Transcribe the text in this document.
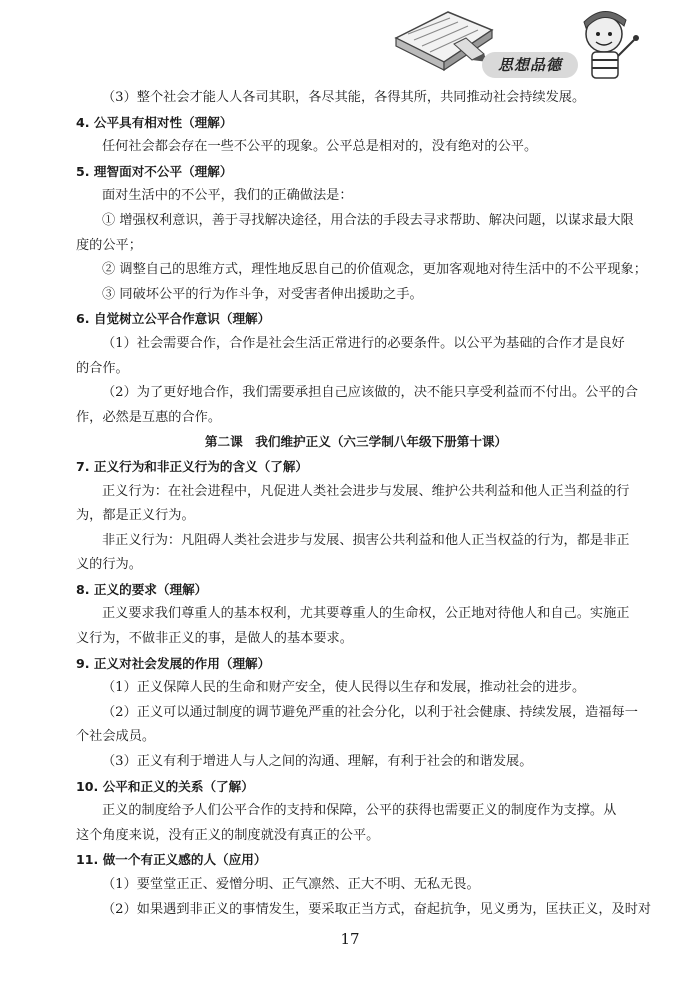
思想品德
（3）整个社会才能人人各司其职，各尽其能，各得其所，共同推动社会持续发展。
4. 公平具有相对性（理解）
任何社会都会存在一些不公平的现象。公平总是相对的，没有绝对的公平。
5. 理智面对不公平（理解）
面对生活中的不公平，我们的正确做法是：
① 增强权利意识，善于寻找解决途径，用合法的手段去寻求帮助、解决问题，以谋求最大限
度的公平；
② 调整自己的思维方式，理性地反思自己的价值观念，更加客观地对待生活中的不公平现象；
③ 同破坏公平的行为作斗争，对受害者伸出援助之手。
6. 自觉树立公平合作意识（理解）
（1）社会需要合作，合作是社会生活正常进行的必要条件。以公平为基础的合作才是良好
的合作。
（2）为了更好地合作，我们需要承担自己应该做的，决不能只享受利益而不付出。公平的合
作，必然是互惠的合作。
第二课　我们维护正义（六三学制八年级下册第十课）
7. 正义行为和非正义行为的含义（了解）
正义行为：在社会进程中，凡促进人类社会进步与发展、维护公共利益和他人正当利益的行
为，都是正义行为。
非正义行为：凡阻碍人类社会进步与发展、损害公共利益和他人正当权益的行为，都是非正
义的行为。
8. 正义的要求（理解）
正义要求我们尊重人的基本权利，尤其要尊重人的生命权，公正地对待他人和自己。实施正
义行为，不做非正义的事，是做人的基本要求。
9. 正义对社会发展的作用（理解）
（1）正义保障人民的生命和财产安全，使人民得以生存和发展，推动社会的进步。
（2）正义可以通过制度的调节避免严重的社会分化，以利于社会健康、持续发展，造福每一
个社会成员。
（3）正义有利于增进人与人之间的沟通、理解，有利于社会的和谐发展。
10. 公平和正义的关系（了解）
正义的制度给予人们公平合作的支持和保障，公平的获得也需要正义的制度作为支撑。从
这个角度来说，没有正义的制度就没有真正的公平。
11. 做一个有正义感的人（应用）
（1）要堂堂正正、爱憎分明、正气凛然、正大不明、无私无畏。
（2）如果遇到非正义的事情发生，要采取正当方式，奋起抗争，见义勇为，匡扶正义，及时对
17
